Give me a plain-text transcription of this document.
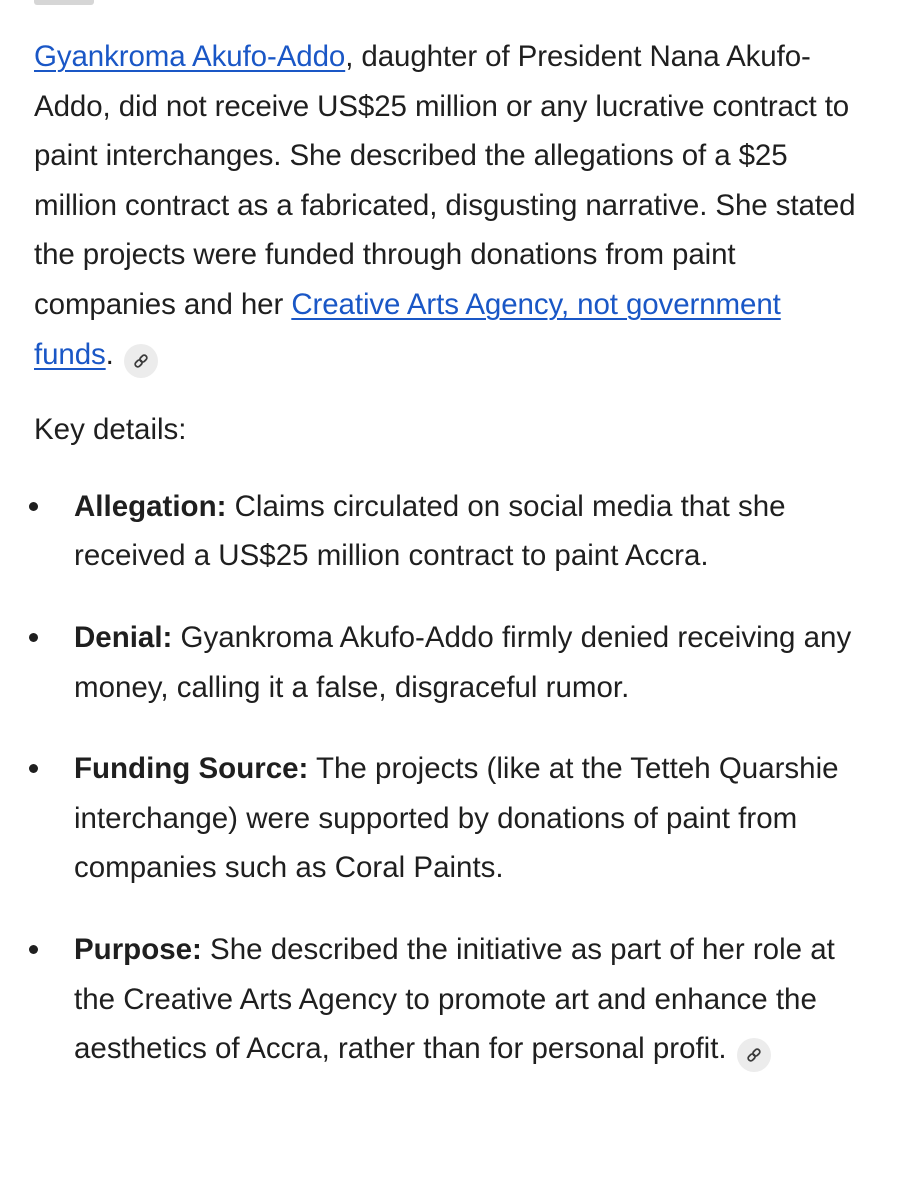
Gyankroma Akufo-Addo, daughter of President Nana Akufo-Addo, did not receive US$25 million or any lucrative contract to paint interchanges. She described the allegations of a $25 million contract as a fabricated, disgusting narrative. She stated the projects were funded through donations from paint companies and her Creative Arts Agency, not government funds.

Key details:

Allegation: Claims circulated on social media that she received a US$25 million contract to paint Accra.
Denial: Gyankroma Akufo-Addo firmly denied receiving any money, calling it a false, disgraceful rumor.
Funding Source: The projects (like at the Tetteh Quarshie interchange) were supported by donations of paint from companies such as Coral Paints.
Purpose: She described the initiative as part of her role at the Creative Arts Agency to promote art and enhance the aesthetics of Accra, rather than for personal profit.
